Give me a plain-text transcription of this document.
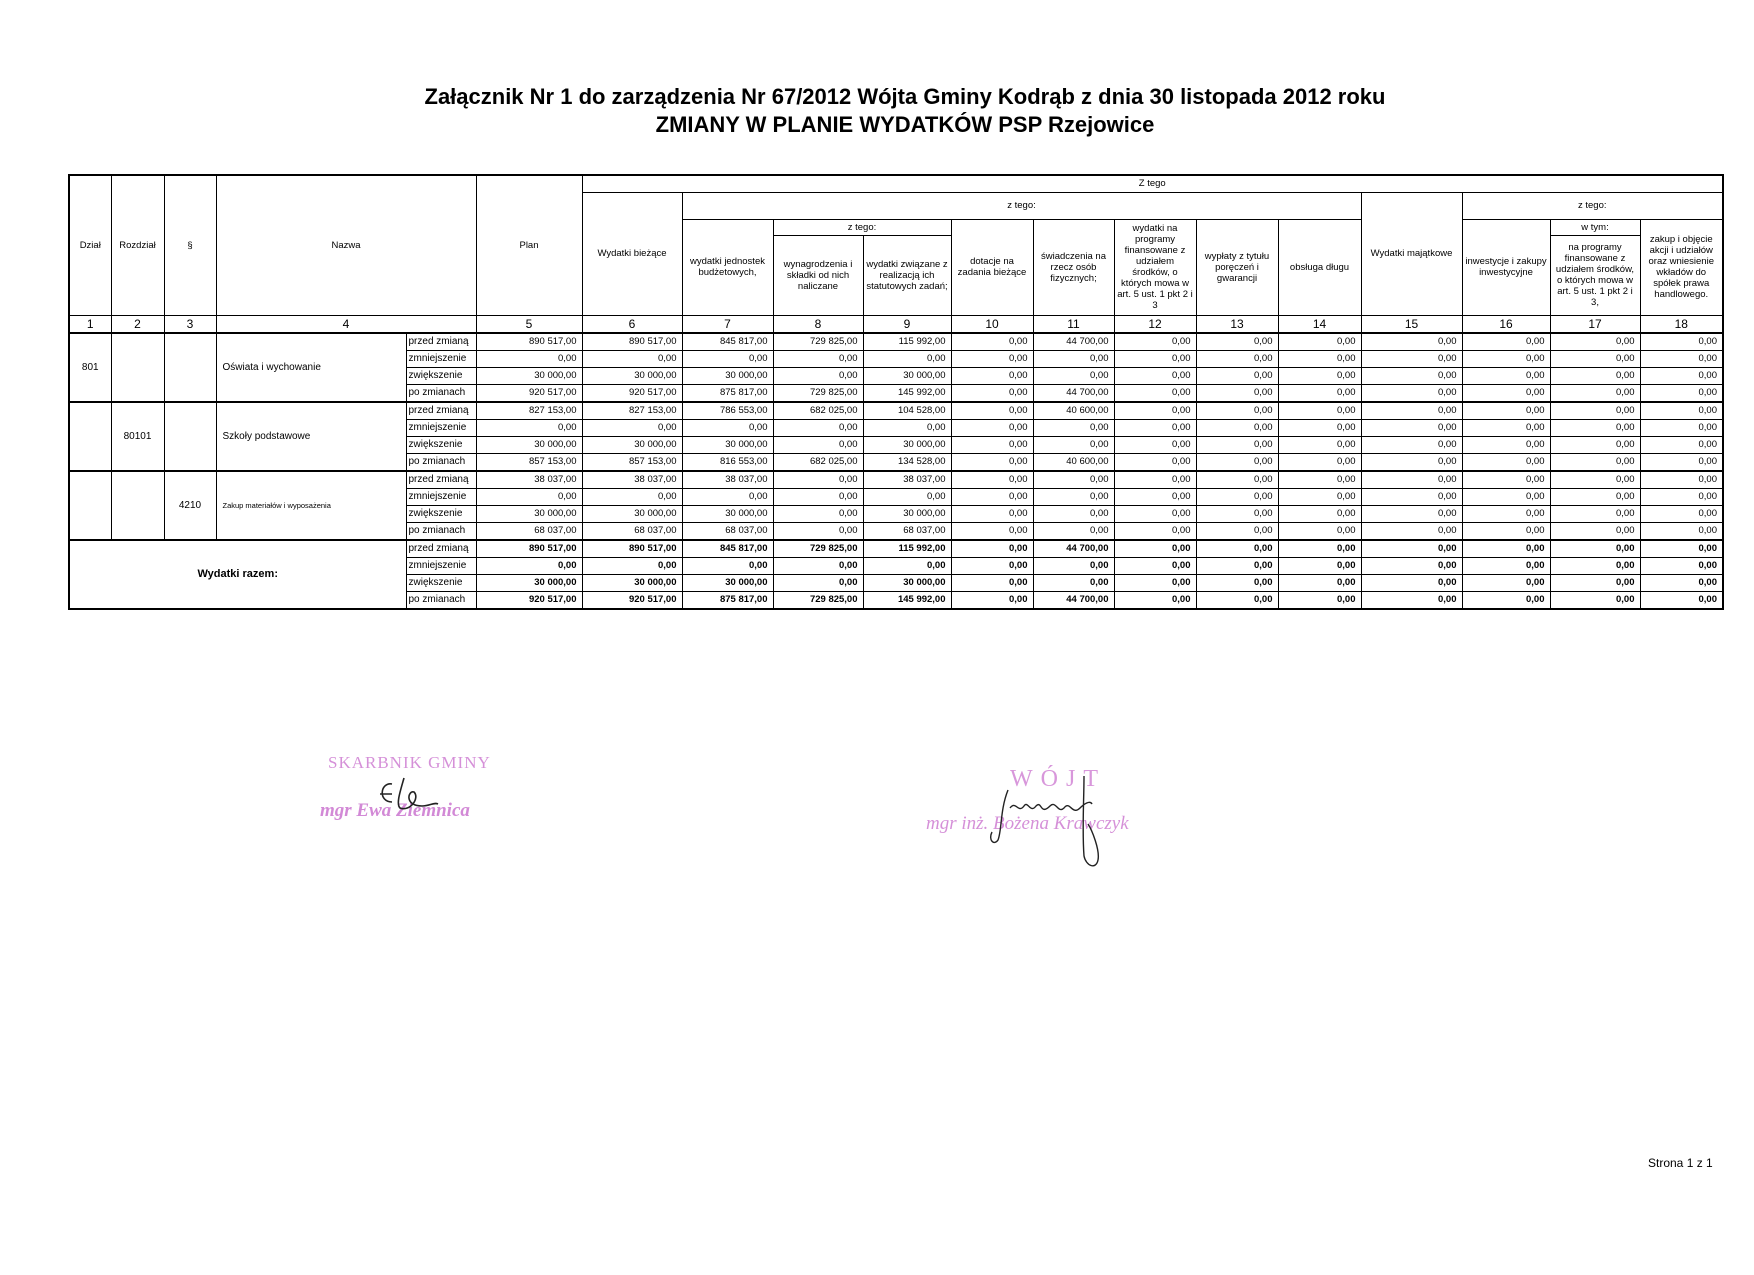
Załącznik Nr 1 do zarządzenia Nr 67/2012 Wójta Gminy Kodrąb z dnia 30 listopada 2012 roku
ZMIANY W PLANIE WYDATKÓW PSP Rzejowice
Dział	Rozdział	§	Nazwa		Plan	Z tego												
						Wydatki bieżące	z tego:								Wydatki majątkowe	z tego:		
							wydatki jednostek budżetowych,	z tego:		dotacje na zadania bieżące	świadczenia na rzecz osób fizycznych;	wydatki na programy finansowane z udziałem środków, o których mowa w art. 5 ust. 1 pkt 2 i 3	wypłaty z tytułu poręczeń i gwarancji	obsługa długu		inwestycje i zakupy inwestycyjne	w tym:	zakup i objęcie akcji i udziałów oraz wniesienie wkładów do spółek prawa handlowego.
								wynagrodzenia i składki od nich naliczane	wydatki związane z realizacją ich statutowych zadań;								na programy finansowane z udziałem środków, o których mowa w art. 5 ust. 1 pkt 2 i 3,	
1	2	3	4		5	6	7	8	9	10	11	12	13	14	15	16	17	18
801			Oświata i wychowanie	przed zmianą	890 517,00	890 517,00	845 817,00	729 825,00	115 992,00	0,00	44 700,00	0,00	0,00	0,00	0,00	0,00	0,00	0,00
				zmniejszenie	0,00	0,00	0,00	0,00	0,00	0,00	0,00	0,00	0,00	0,00	0,00	0,00	0,00	0,00
				zwiększenie	30 000,00	30 000,00	30 000,00	0,00	30 000,00	0,00	0,00	0,00	0,00	0,00	0,00	0,00	0,00	0,00
				po zmianach	920 517,00	920 517,00	875 817,00	729 825,00	145 992,00	0,00	44 700,00	0,00	0,00	0,00	0,00	0,00	0,00	0,00
	80101		Szkoły podstawowe	przed zmianą	827 153,00	827 153,00	786 553,00	682 025,00	104 528,00	0,00	40 600,00	0,00	0,00	0,00	0,00	0,00	0,00	0,00
				zmniejszenie	0,00	0,00	0,00	0,00	0,00	0,00	0,00	0,00	0,00	0,00	0,00	0,00	0,00	0,00
				zwiększenie	30 000,00	30 000,00	30 000,00	0,00	30 000,00	0,00	0,00	0,00	0,00	0,00	0,00	0,00	0,00	0,00
				po zmianach	857 153,00	857 153,00	816 553,00	682 025,00	134 528,00	0,00	40 600,00	0,00	0,00	0,00	0,00	0,00	0,00	0,00
		4210	Zakup materiałów i wyposażenia	przed zmianą	38 037,00	38 037,00	38 037,00	0,00	38 037,00	0,00	0,00	0,00	0,00	0,00	0,00	0,00	0,00	0,00
				zmniejszenie	0,00	0,00	0,00	0,00	0,00	0,00	0,00	0,00	0,00	0,00	0,00	0,00	0,00	0,00
				zwiększenie	30 000,00	30 000,00	30 000,00	0,00	30 000,00	0,00	0,00	0,00	0,00	0,00	0,00	0,00	0,00	0,00
				po zmianach	68 037,00	68 037,00	68 037,00	0,00	68 037,00	0,00	0,00	0,00	0,00	0,00	0,00	0,00	0,00	0,00
Wydatki razem:				przed zmianą	890 517,00	890 517,00	845 817,00	729 825,00	115 992,00	0,00	44 700,00	0,00	0,00	0,00	0,00	0,00	0,00	0,00
				zmniejszenie	0,00	0,00	0,00	0,00	0,00	0,00	0,00	0,00	0,00	0,00	0,00	0,00	0,00	0,00
				zwiększenie	30 000,00	30 000,00	30 000,00	0,00	30 000,00	0,00	0,00	0,00	0,00	0,00	0,00	0,00	0,00	0,00
				po zmianach	920 517,00	920 517,00	875 817,00	729 825,00	145 992,00	0,00	44 700,00	0,00	0,00	0,00	0,00	0,00	0,00	0,00
SKARBNIK GMINY
mgr Ewa Ziemnica
WÓJT
mgr inż. Bożena Krawczyk
Strona 1 z 1
